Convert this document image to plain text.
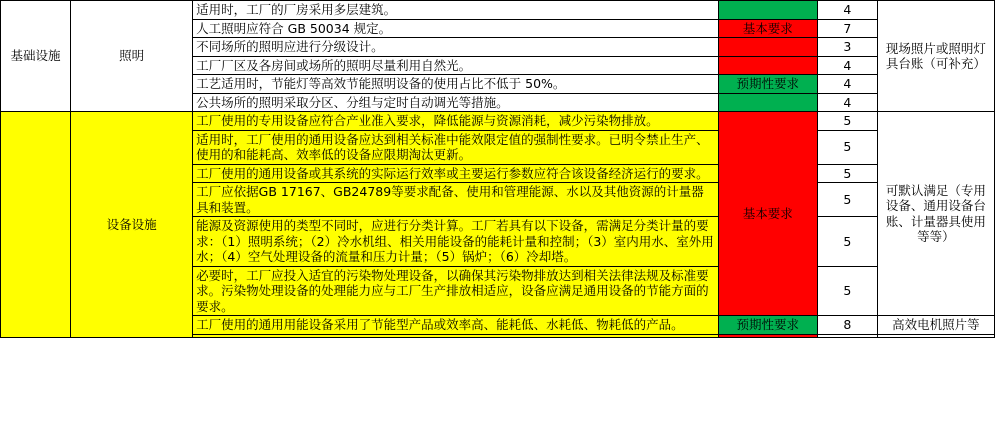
基础设施	照明	适用时，工厂的厂房采用多层建筑。		4	现场照片或照明灯具台账（可补充）
		人工照明应符合 GB 50034 规定。	基本要求	7	
		不同场所的照明应进行分级设计。		3	
		工厂厂区及各房间或场所的照明尽量利用自然光。		4	
		工艺适用时，节能灯等高效节能照明设备的使用占比不低于 50%。	预期性要求	4	
		公共场所的照明采取分区、分组与定时自动调光等措施。		4	
	设备设施	工厂使用的专用设备应符合产业准入要求，降低能源与资源消耗，减少污染物排放。	基本要求	5	可默认满足（专用设备、通用设备台账、计量器具使用等等）
		适用时，工厂使用的通用设备应达到相关标准中能效限定值的强制性要求。已明令禁止生产、使用的和能耗高、效率低的设备应限期淘汰更新。		5	
		工厂使用的通用设备或其系统的实际运行效率或主要运行参数应符合该设备经济运行的要求。		5	
		工厂应依据GB 17167、GB24789等要求配备、使用和管理能源、水以及其他资源的计量器具和装置。		5	
		能源及资源使用的类型不同时，应进行分类计算。工厂若具有以下设备，需满足分类计量的要求：（1）照明系统；（2）冷水机组、相关用能设备的能耗计量和控制；（3）室内用水、室外用水；（4）空气处理设备的流量和压力计量；（5）锅炉；（6）冷却塔。		5	
		必要时，工厂应投入适宜的污染物处理设备，以确保其污染物排放达到相关法律法规及标准要求。污染物处理设备的处理能力应与工厂生产排放相适应，设备应满足通用设备的节能方面的要求。		5	
		工厂使用的通用用能设备采用了节能型产品或效率高、能耗低、水耗低、物耗低的产品。	预期性要求	8	高效电机照片等
